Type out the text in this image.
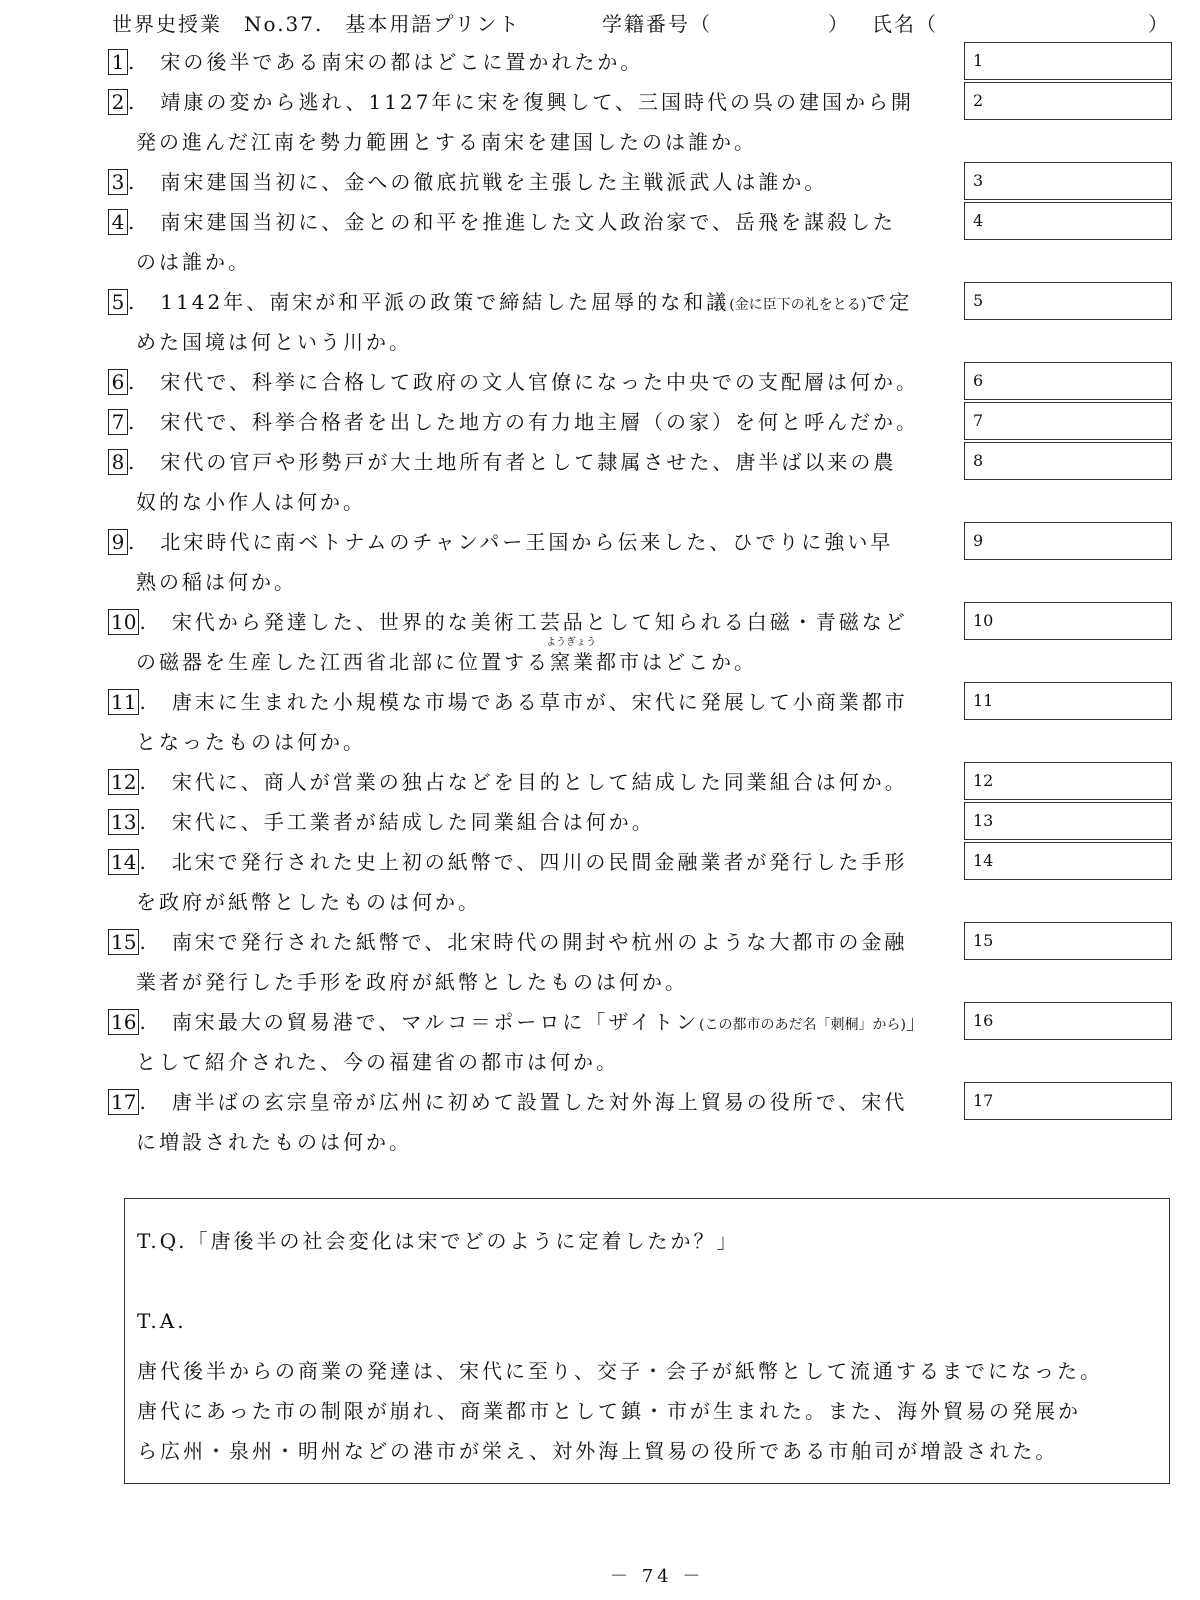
世界史授業　No.37.　基本用語プリント	学籍番号（	） 氏名（	）
1 . 宋の後半である南宋の都はどこに置かれたか。	1
2 . 靖康の変から逃れ、1127年に宋を復興して、三国時代の呉の建国から開
発の進んだ江南を勢力範囲とする南宋を建国したのは誰か。
2
3 . 南宋建国当初に、金への徹底抗戦を主張した主戦派武人は誰か。	3
4 . 南宋建国当初に、金との和平を推進した文人政治家で、岳飛を謀殺した
のは誰か。
4
5 . 1142年、南宋が和平派の政策で締結した屈辱的な和議(金に臣下の礼をとる)で定
めた国境は何という川か。
5
6 . 宋代で、科挙に合格して政府の文人官僚になった中央での支配層は何か。	6
7 . 宋代で、科挙合格者を出した地方の有力地主層（の家）を何と呼んだか。	7
8 . 宋代の官戸や形勢戸が大土地所有者として隷属させた、唐半ば以来の農
奴的な小作人は何か。
8
9 . 北宋時代に南ベトナムのチャンパー王国から伝来した、ひでりに強い早
熟の稲は何か。
9
10 . 宋代から発達した、世界的な美術工芸品として知られる白磁・青磁など
の磁器を生産した江西省北部に位置する
ようぎょう
窯業都市はどこか。
10
11 . 唐末に生まれた小規模な市場である草市が、宋代に発展して小商業都市
となったものは何か。
11
12 . 宋代に、商人が営業の独占などを目的として結成した同業組合は何か。	12
13 . 宋代に、手工業者が結成した同業組合は何か。	13
14 . 北宋で発行された史上初の紙幣で、四川の民間金融業者が発行した手形
を政府が紙幣としたものは何か。
14
15 . 南宋で発行された紙幣で、北宋時代の開封や杭州のような大都市の金融
業者が発行した手形を政府が紙幣としたものは何か。
15
16 . 南宋最大の貿易港で、マルコ＝ポーロに「ザイトン(この都市のあだ名「刺桐」から)」
として紹介された、今の福建省の都市は何か。
16
17 . 唐半ばの玄宗皇帝が広州に初めて設置した対外海上貿易の役所で、宋代
に増設されたものは何か。
17
T.Q.「唐後半の社会変化は宋でどのように定着したか？」
T.A.
唐代後半からの商業の発達は、宋代に至り、交子・会子が紙幣として流通するまでになった。
唐代にあった市の制限が崩れ、商業都市として鎮・市が生まれた。また、海外貿易の発展か
ら広州・泉州・明州などの港市が栄え、対外海上貿易の役所である市舶司が増設された。
－ 74 －
